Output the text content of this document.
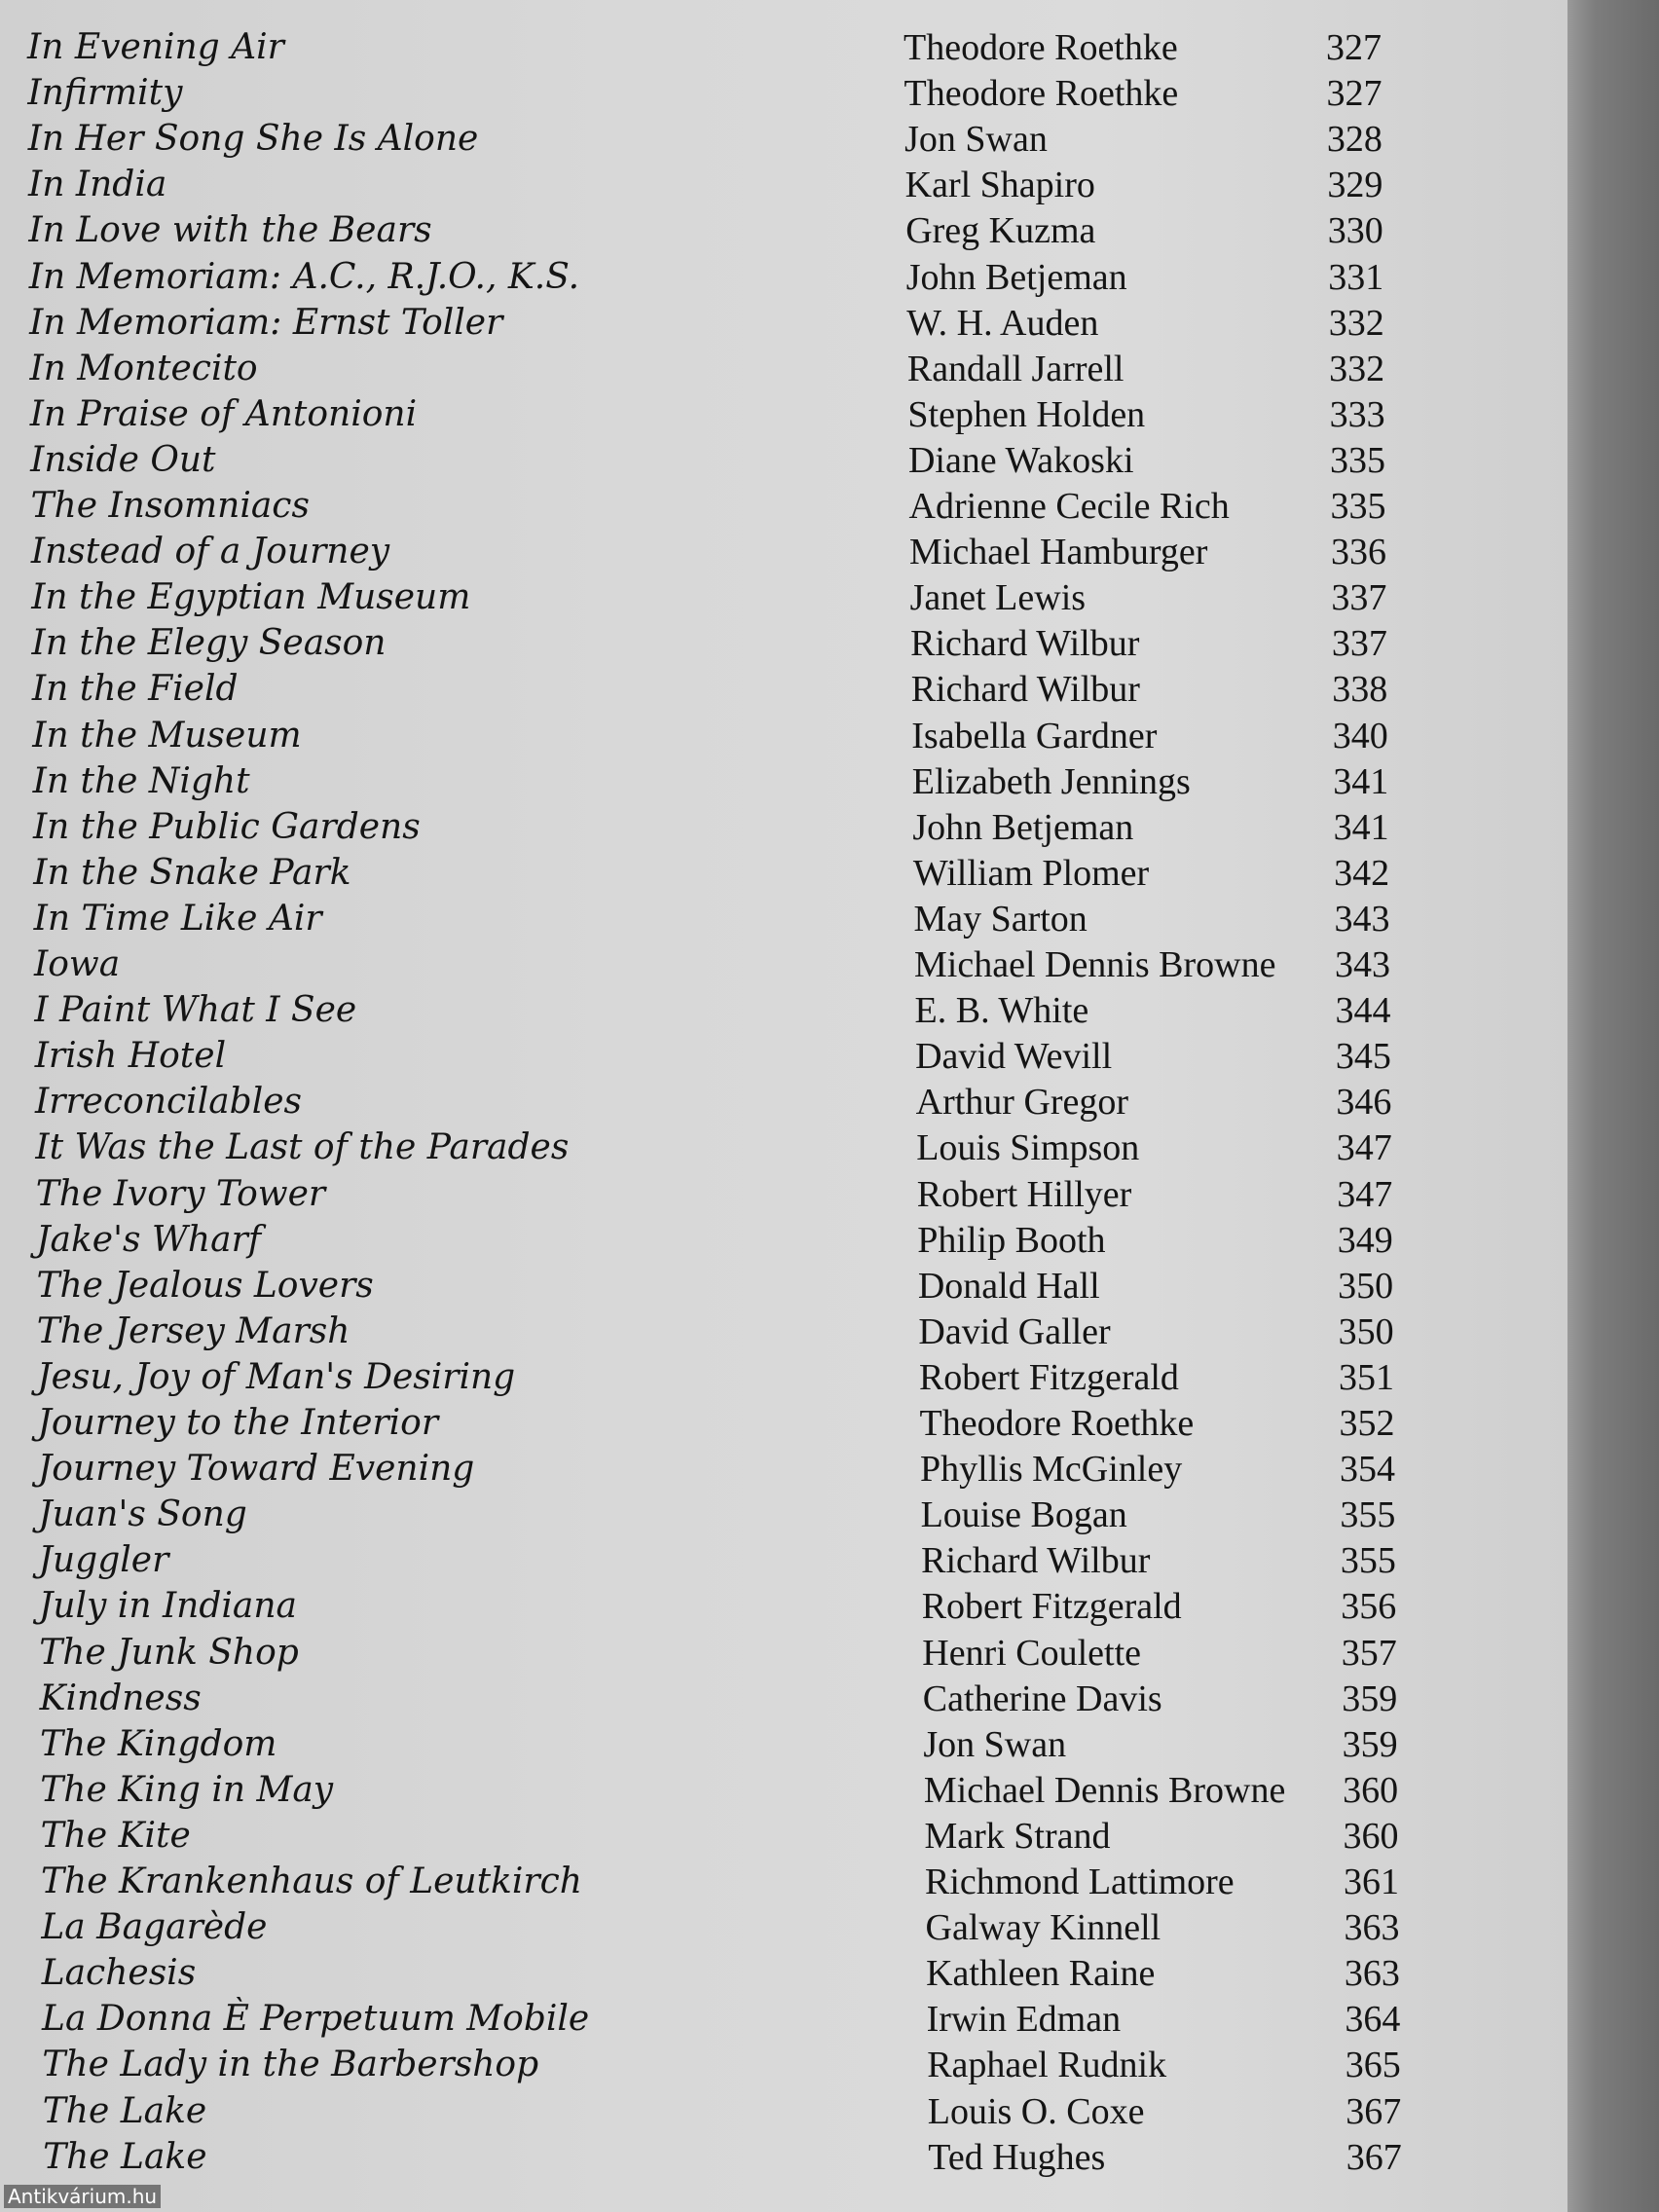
In Evening Air	Theodore Roethke	327
Infirmity	Theodore Roethke	327
In Her Song She Is Alone	Jon Swan	328
In India	Karl Shapiro	329
In Love with the Bears	Greg Kuzma	330
In Memoriam: A.C., R.J.O., K.S.	John Betjeman	331
In Memoriam: Ernst Toller	W. H. Auden	332
In Montecito	Randall Jarrell	332
In Praise of Antonioni	Stephen Holden	333
Inside Out	Diane Wakoski	335
The Insomniacs	Adrienne Cecile Rich	335
Instead of a Journey	Michael Hamburger	336
In the Egyptian Museum	Janet Lewis	337
In the Elegy Season	Richard Wilbur	337
In the Field	Richard Wilbur	338
In the Museum	Isabella Gardner	340
In the Night	Elizabeth Jennings	341
In the Public Gardens	John Betjeman	341
In the Snake Park	William Plomer	342
In Time Like Air	May Sarton	343
Iowa	Michael Dennis Browne 343
I Paint What I See	E. B. White	344
Irish Hotel	David Wevill	345
Irreconcilables	Arthur Gregor	346
It Was the Last of the Parades	Louis Simpson	347
The Ivory Tower	Robert Hillyer	347
Jake's Wharf	Philip Booth	349
The Jealous Lovers	Donald Hall	350
The Jersey Marsh	David Galler	350
Jesu, Joy of Man's Desiring	Robert Fitzgerald	351
Journey to the Interior	Theodore Roethke	352
Journey Toward Evening	Phyllis McGinley	354
Juan's Song	Louise Bogan	355
Juggler	Richard Wilbur	355
July in Indiana	Robert Fitzgerald	356
The Junk Shop	Henri Coulette	357
Kindness	Catherine Davis	359
The Kingdom	Jon Swan	359
The King in May	Michael Dennis Browne 360
The Kite	Mark Strand	360
The Krankenhaus of Leutkirch	Richmond Lattimore	361
La Bagarède	Galway Kinnell	363
Lachesis	Kathleen Raine	363
La Donna È Perpetuum Mobile	Irwin Edman	364
The Lady in the Barbershop	Raphael Rudnik	365
The Lake	Louis O. Coxe	367
The Lake	Ted Hughes	367
Antikvárium.hu
